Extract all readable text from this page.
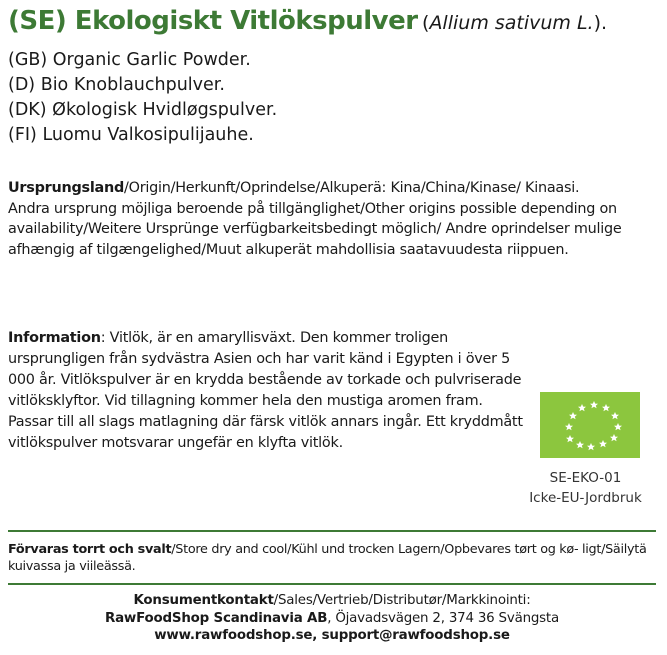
(SE) Ekologiskt Vitlökspulver (Allium sativum L.).
(GB) Organic Garlic Powder.
(D) Bio Knoblauchpulver.
(DK) Økologisk Hvidløgspulver.
(FI) Luomu Valkosipulijauhe.
Ursprungsland/Origin/Herkunft/Oprindelse/Alkuperä: Kina/China/Kinase/ Kinaasi.
Andra ursprung möjliga beroende på tillgänglighet/Other origins possible depending on availability/Weitere Ursprünge verfügbarkeitsbedingt möglich/ Andre oprindelser mulige afhængig af tilgængelighed/Muut alkuperät mahdollisia saatavuudesta riippuen.
Information: Vitlök, är en amaryllisväxt. Den kommer troligen ursprungligen från sydvästra Asien och har varit känd i Egypten i över 5 000 år. Vitlökspulver är en krydda bestående av torkade och pulvriserade vitlöksklyftor. Vid tillagning kommer hela den mustiga aromen fram. Passar till all slags matlagning där färsk vitlök annars ingår. Ett kryddmått vitlökspulver motsvarar ungefär en klyfta vitlök.
SE-EKO-01
Icke-EU-Jordbruk
Förvaras torrt och svalt/Store dry and cool/Kühl und trocken Lagern/Opbevares tørt og kø- ligt/Säilytä kuivassa ja viileässä.
Konsumentkontakt/Sales/Vertrieb/Distributør/Markkinointi:
RawFoodShop Scandinavia AB, Öjavadsvägen 2, 374 36 Svängsta
www.rawfoodshop.se, support@rawfoodshop.se
